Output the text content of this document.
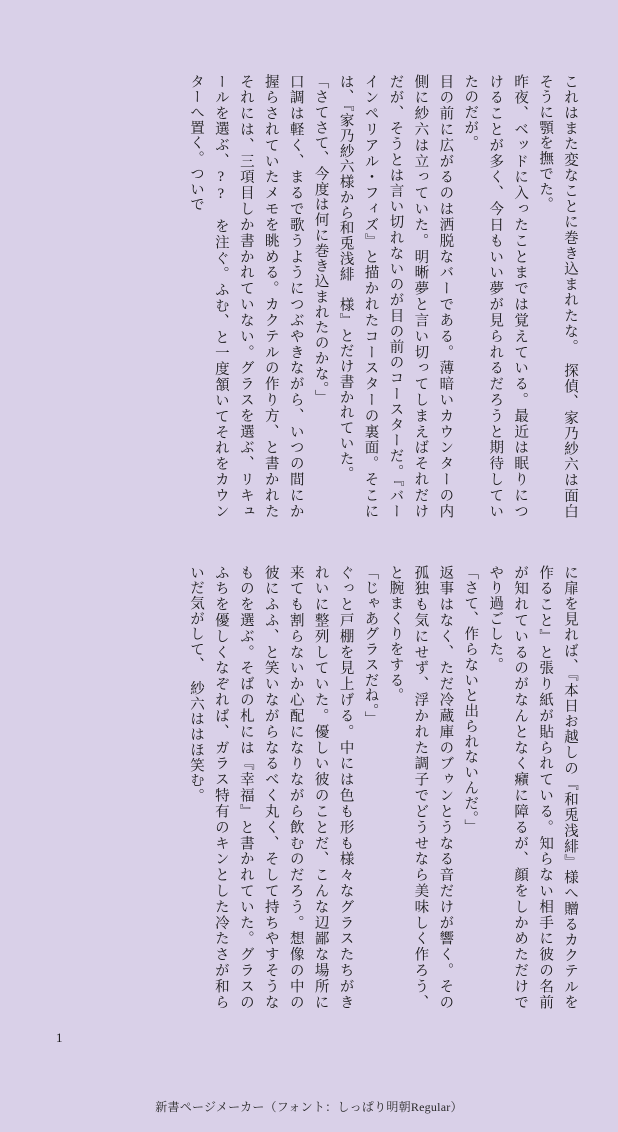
これはまた変なことに巻き込まれたな。　探偵、家乃紗六は面白そうに顎を撫でた。

昨夜、ベッドに入ったことまでは覚えている。最近は眠りにつけることが多く、今日もいい夢が見られるだろうと期待していたのだが。

目の前に広がるのは洒脱なバーである。薄暗いカウンターの内側に紗六は立っていた。明晰夢と言い切ってしまえばそれだけだが、そうとは言い切れないのが目の前のコースターだ。『バーインペリアル・フィズ』と描かれたコースターの裏面。そこには、『家乃紗六様から和兎浅緋　様』とだけ書かれていた。

「さてさて、今度は何に巻き込まれたのかな。」

口調は軽く、まるで歌うようにつぶやきながら、いつの間にか握らされていたメモを眺める。カクテルの作り方、と書かれたそれには、三項目しか書かれていない。グラスを選ぶ、リキュールを選ぶ、??　を注ぐ。ふむ、と一度頷いてそれをカウンターへ置く。ついで

に扉を見れば、『本日お越しの『和兎浅緋』様へ贈るカクテルを作ること』と張り紙が貼られている。知らない相手に彼の名前が知れているのがなんとなく癪に障るが、顔をしかめただけでやり過ごした。

「さて、作らないと出られないんだ。」

返事はなく、ただ冷蔵庫のブゥンとうなる音だけが響く。その孤独も気にせず、浮かれた調子でどうせなら美味しく作ろう、と腕まくりをする。

「じゃあグラスだね。」

ぐっと戸棚を見上げる。中には色も形も様々なグラスたちがきれいに整列していた。優しい彼のことだ、こんな辺鄙な場所に来ても割らないか心配になりながら飲むのだろう。想像の中の彼にふふ、と笑いながらなるべく丸く、そして持ちやすそうなものを選ぶ。そばの札には『幸福』と書かれていた。グラスのふちを優しくなぞれば、ガラス特有のキンとした冷たさが和らいだ気がして、　紗六ははほ笑む。

1
新書ページメーカー（フォント：しっぱり明朝Regular）
